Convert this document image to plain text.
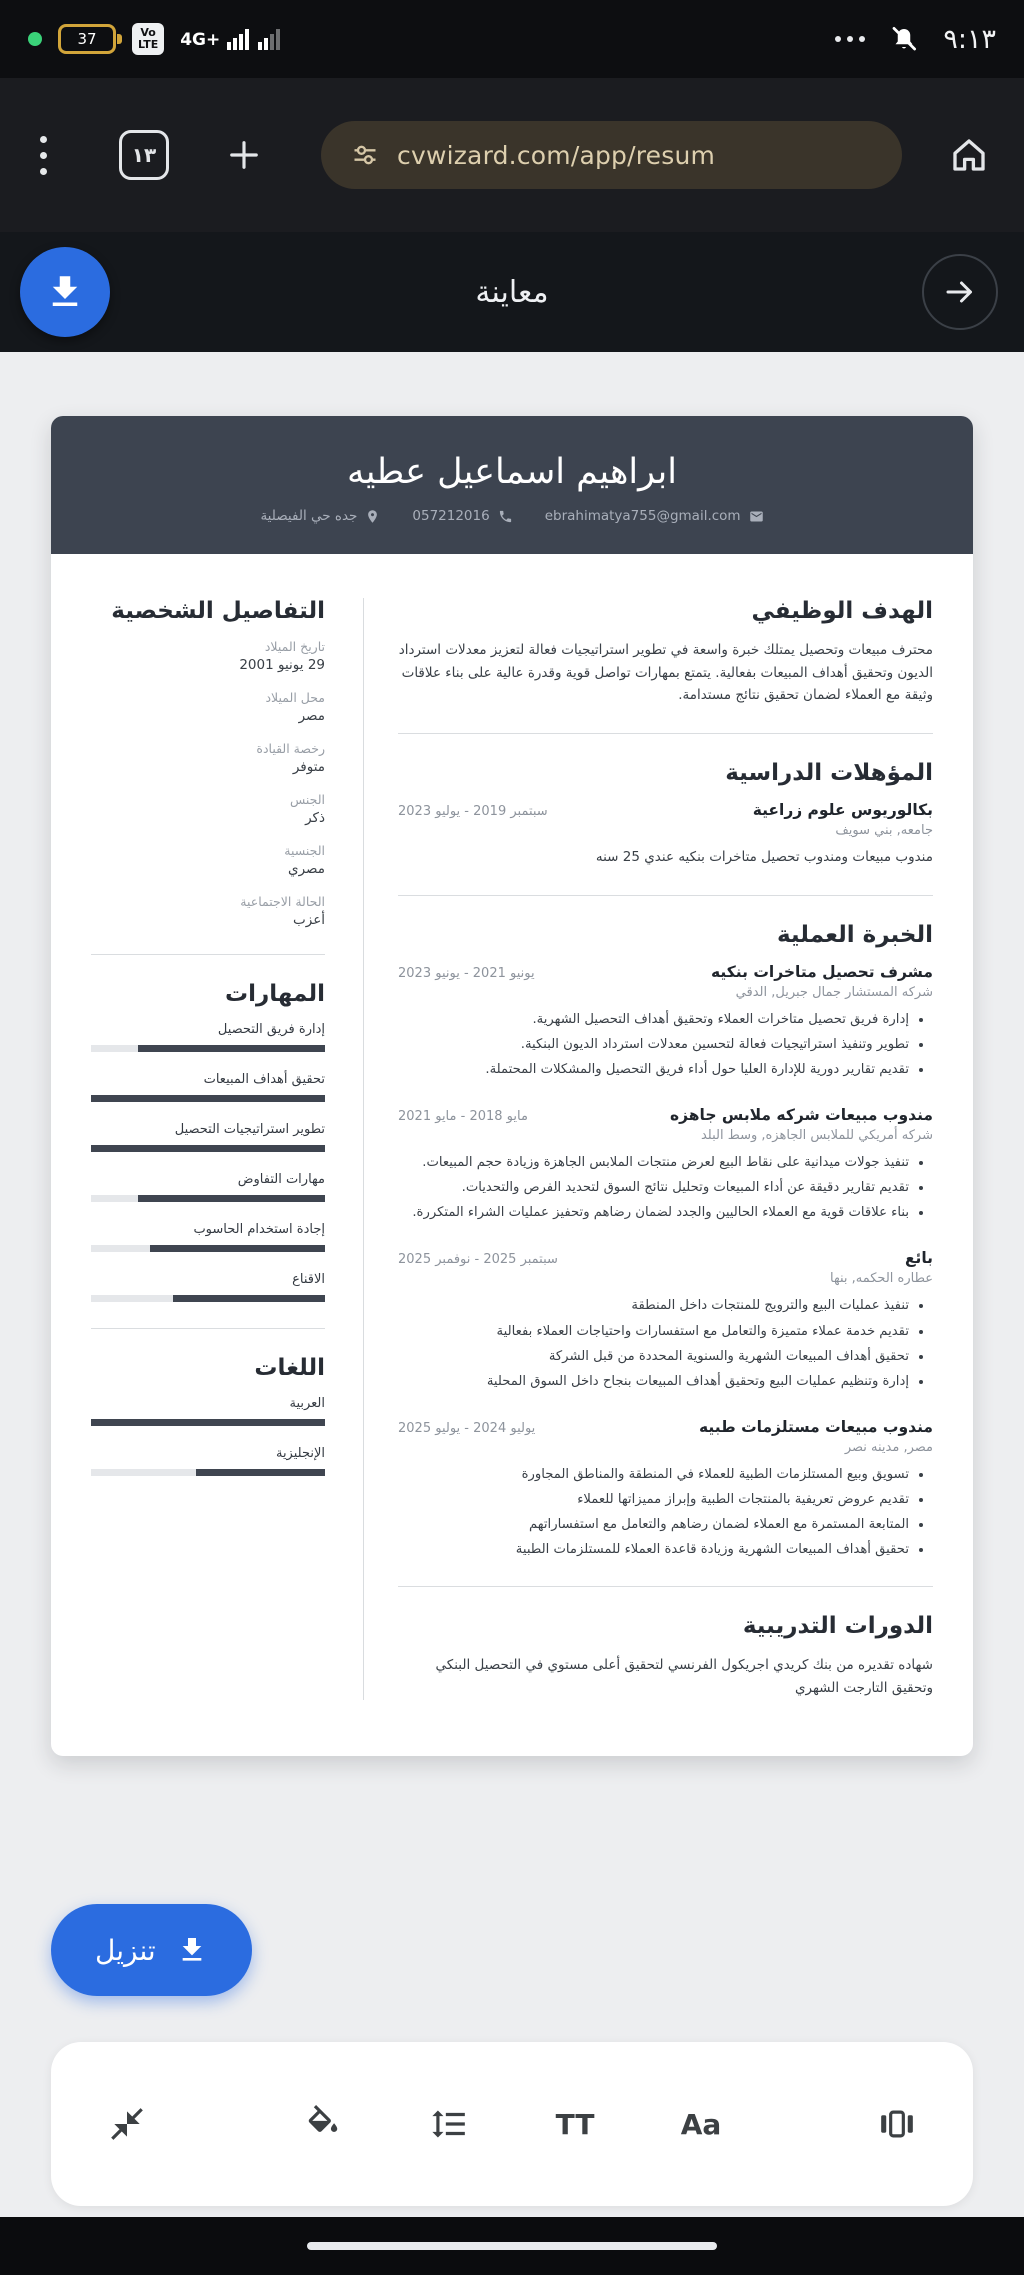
37	Vo
LTE 4G+	٩:١٣
١٣	cvwizard.com/app/resum
معاينة
ابراهيم اسماعيل عطيه
ebrahimatya755@gmail.com
057212016
جده حي الفيصلية
الهدف الوظيفي

محترف مبيعات وتحصيل يمتلك خبرة واسعة في تطوير استراتيجيات فعالة لتعزيز معدلات استرداد الديون وتحقيق أهداف المبيعات بفعالية. يتمتع بمهارات تواصل قوية وقدرة عالية على بناء علاقات وثيقة مع العملاء لضمان تحقيق نتائج مستدامة.

المؤهلات الدراسية
بكالوريوس علوم زراعية
سبتمبر 2019 - يوليو 2023
جامعه, بني سويف

مندوب مبيعات ومندوب تحصيل متاخرات بنكيه عندي 25 سنه

الخبرة العملية
مشرف تحصيل متاخرات بنكيه
يونيو 2021 - يونيو 2023
شركه المستشار جمال جبريل, الدقي
• إدارة فريق تحصيل متاخرات العملاء وتحقيق أهداف التحصيل الشهرية.
• تطوير وتنفيذ استراتيجيات فعالة لتحسين معدلات استرداد الديون البنكية.
• تقديم تقارير دورية للإدارة العليا حول أداء فريق التحصيل والمشكلات المحتملة.
مندوب مبيعات شركه ملابس جاهزه
مايو 2018 - مايو 2021
شركه أمريكي للملابس الجاهزه, وسط البلد
• تنفيذ جولات ميدانية على نقاط البيع لعرض منتجات الملابس الجاهزة وزيادة حجم المبيعات.
• تقديم تقارير دقيقة عن أداء المبيعات وتحليل نتائج السوق لتحديد الفرص والتحديات.
• بناء علاقات قوية مع العملاء الحاليين والجدد لضمان رضاهم وتحفيز عمليات الشراء المتكررة.
بائع
سبتمبر 2025 - نوفمبر 2025
عطاره الحكمه, بنها
• تنفيذ عمليات البيع والترويج للمنتجات داخل المنطقة
• تقديم خدمة عملاء متميزة والتعامل مع استفسارات واحتياجات العملاء بفعالية
• تحقيق أهداف المبيعات الشهرية والسنوية المحددة من قبل الشركة
• إدارة وتنظيم عمليات البيع وتحقيق أهداف المبيعات بنجاح داخل السوق المحلية
مندوب مبيعات مستلزمات طبيه
يوليو 2024 - يوليو 2025
مصر, مدينه نصر
• تسويق وبيع المستلزمات الطبية للعملاء في المنطقة والمناطق المجاورة
• تقديم عروض تعريفية بالمنتجات الطبية وإبراز مميزاتها للعملاء
• المتابعة المستمرة مع العملاء لضمان رضاهم والتعامل مع استفساراتهم
• تحقيق أهداف المبيعات الشهرية وزيادة قاعدة العملاء للمستلزمات الطبية
الدورات التدريبية

شهاده تقديره من بنك كريدي اجريكول الفرنسي لتحقيق أعلى مستوي في التحصيل البنكي وتحقيق التارجت الشهري

التفاصيل الشخصية
تاريخ الميلاد
29 يونيو 2001
محل الميلاد
مصر
رخصة القيادة
متوفر
الجنس
ذكر
الجنسية
مصري
الحالة الاجتماعية
أعزب
المهارات
إدارة فريق التحصيل
تحقيق أهداف المبيعات
تطوير استراتيجيات التحصيل
مهارات التفاوض
إجادة استخدام الحاسوب
الاقناع
اللغات
العربية
الإنجليزية
تنزيل
TT	Aa
